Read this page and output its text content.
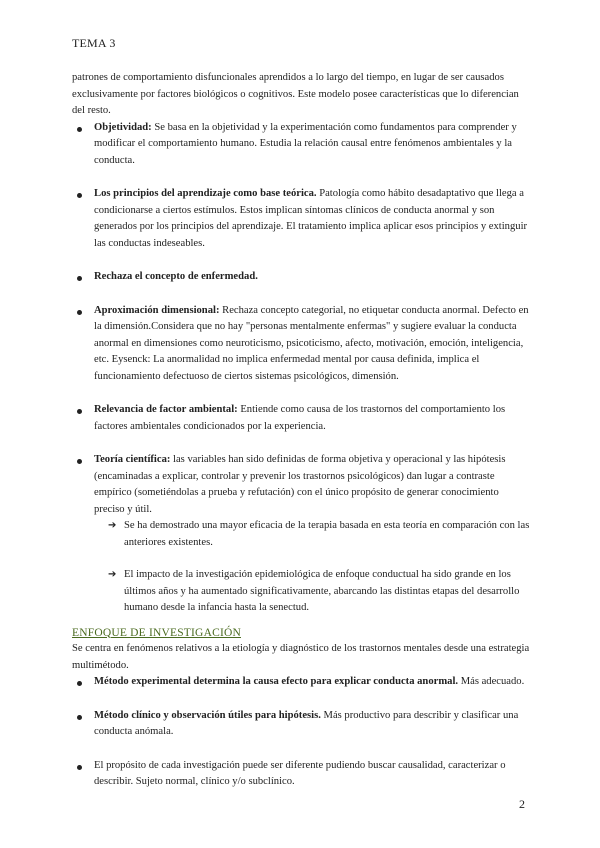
TEMA 3

patrones de comportamiento disfuncionales aprendidos a lo largo del tiempo, en lugar de ser causados exclusivamente por factores biológicos o cognitivos. Este modelo posee características que lo diferencian del resto.

Objetividad: Se basa en la objetividad y la experimentación como fundamentos para comprender y modificar el comportamiento humano. Estudia la relación causal entre fenómenos ambientales y la conducta.
Los principios del aprendizaje como base teórica. Patología como hábito desadaptativo que llega a condicionarse a ciertos estímulos. Estos implican síntomas clínicos de conducta anormal y son generados por los principios del aprendizaje. El tratamiento implica aplicar esos principios y extinguir las conductas indeseables.
Rechaza el concepto de enfermedad.
Aproximación dimensional: Rechaza concepto categorial, no etiquetar conducta anormal. Defecto en la dimensión.Considera que no hay "personas mentalmente enfermas" y sugiere evaluar la conducta anormal en dimensiones como neuroticismo, psicoticismo, afecto, motivación, emoción, inteligencia, etc. Eysenck: La anormalidad no implica enfermedad mental por causa definida, implica el funcionamiento defectuoso de ciertos sistemas psicológicos, dimensión.
Relevancia de factor ambiental: Entiende como causa de los trastornos del comportamiento los factores ambientales condicionados por la experiencia.
Teoría científica: las variables han sido definidas de forma objetiva y operacional y las hipótesis (encaminadas a explicar, controlar y prevenir los trastornos psicológicos) dan lugar a contraste empírico (sometiéndolas a prueba y refutación) con el único propósito de generar conocimiento preciso y útil.
➔ Se ha demostrado una mayor eficacia de la terapia basada en esta teoría en comparación con las anteriores existentes.
➔ El impacto de la investigación epidemiológica de enfoque conductual ha sido grande en los últimos años y ha aumentado significativamente, abarcando las distintas etapas del desarrollo humano desde la infancia hasta la senectud.
ENFOQUE DE INVESTIGACIÓN

Se centra en fenómenos relativos a la etiología y diagnóstico de los trastornos mentales desde una estrategia multimétodo.

Método experimental determina la causa efecto para explicar conducta anormal. Más adecuado.
Método clínico y observación útiles para hipótesis. Más productivo para describir y clasificar una conducta anómala.
El propósito de cada investigación puede ser diferente pudiendo buscar causalidad, caracterizar o describir. Sujeto normal, clínico y/o subclínico.
2
